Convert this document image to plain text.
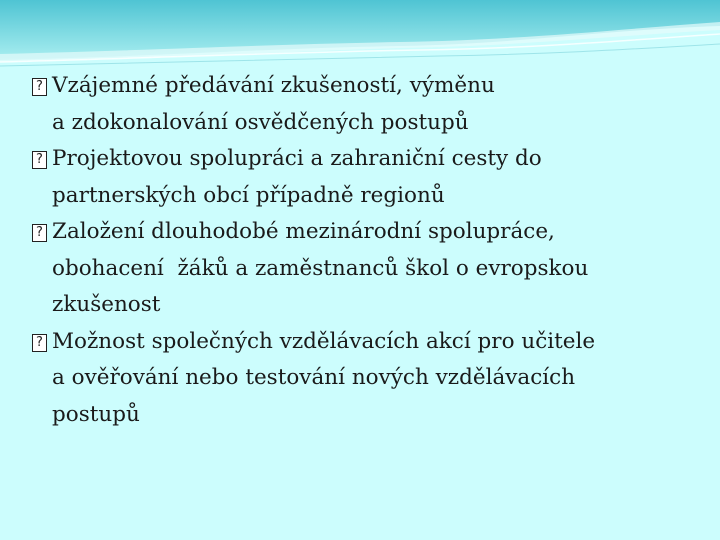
? Vzájemné předávání zkušeností, výměnu
a zdokonalování osvědčených postupů
? Projektovou spolupráci a zahraniční cesty do
partnerských obcí případně regionů
? Založení dlouhodobé mezinárodní spolupráce,
obohacení  žáků a zaměstnanců škol o evropskou
zkušenost
? Možnost společných vzdělávacích akcí pro učitele
a ověřování nebo testování nových vzdělávacích
postupů
